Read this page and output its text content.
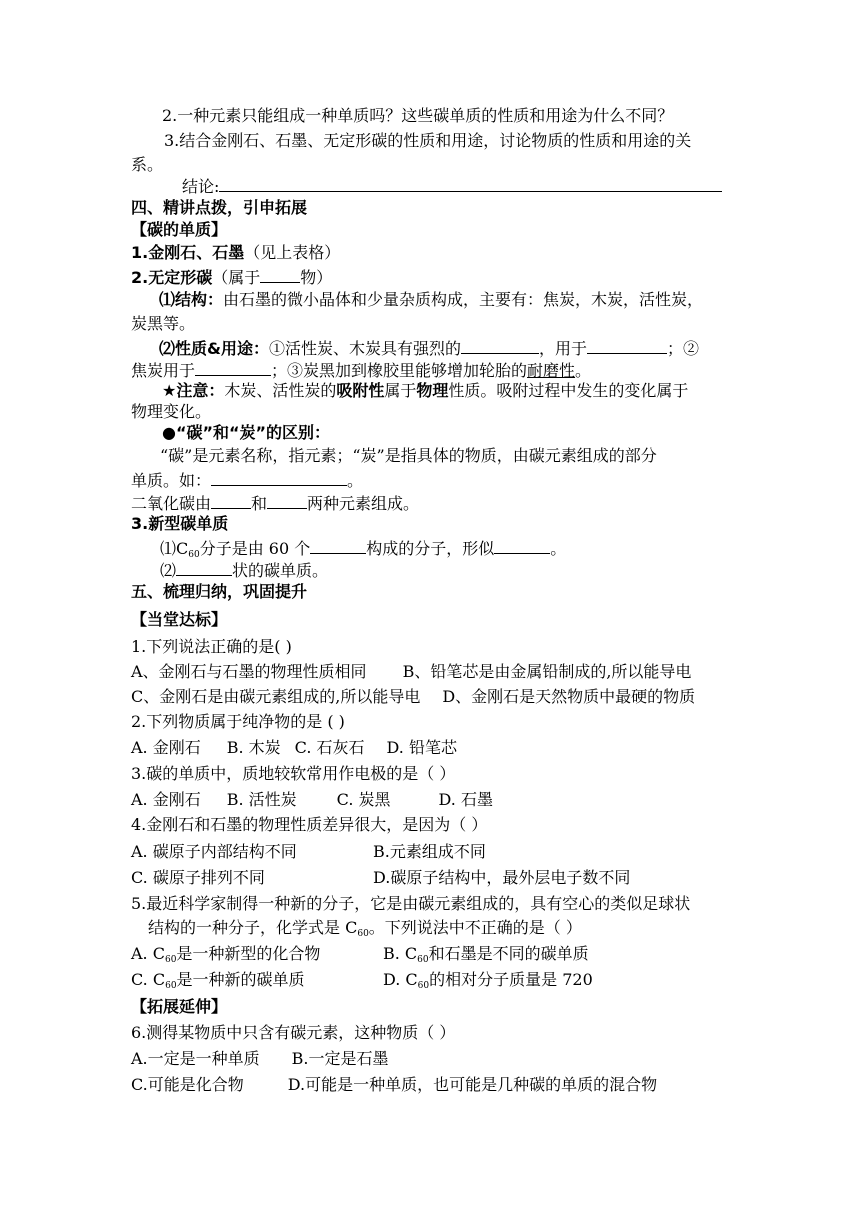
2.一种元素只能组成一种单质吗？这些碳单质的性质和用途为什么不同？
3.结合金刚石、石墨、无定形碳的性质和用途，讨论物质的性质和用途的关
系。
结论:
四、精讲点拨，引申拓展
【碳的单质】
1.金刚石、石墨（见上表格）
2.无定形碳（属于	物）
⑴结构：由石墨的微小晶体和少量杂质构成，主要有：焦炭，木炭，活性炭，
炭黑等。
⑵性质&用途：①活性炭、木炭具有强烈的	，用于	；②
焦炭用于	；③炭黑加到橡胶里能够增加轮胎的耐磨性。
★注意：木炭、活性炭的吸附性属于物理性质。吸附过程中发生的变化属于
物理变化。
●“碳”和“炭”的区别：
“碳”是元素名称，指元素；“炭”是指具体的物质，由碳元素组成的部分
单质。如：	。
二氧化碳由	和	两种元素组成。
3.新型碳单质
$⑴C_{60}$分子是由 60 个	构成的分子，形似	。
⑵	状的碳单质。
五、梳理归纳，巩固提升
【当堂达标】
1.下列说法正确的是( )
A、金刚石与石墨的物理性质相同 B、铅笔芯是由金属铅制成的,所以能导电
C、金刚石是由碳元素组成的,所以能导电 D、金刚石是天然物质中最硬的物质
2.下列物质属于纯净物的是 ( )
A. 金刚石 B. 木炭 C. 石灰石 D. 铅笔芯
3.碳的单质中，质地较软常用作电极的是（ ）
A. 金刚石 B. 活性炭	C. 炭黑	D. 石墨
4.金刚石和石墨的物理性质差异很大，是因为（ ）
A. 碳原子内部结构不同	B.元素组成不同
C. 碳原子排列不同	D.碳原子结构中，最外层电子数不同
5.最近科学家制得一种新的分子，它是由碳元素组成的，具有空心的类似足球状
结构的一种分子，化学式是 $C_{60}$。下列说法中不正确的是（ ）
A. $C_{60}$是一种新型的化合物	B. $C_{60}$和石墨是不同的碳单质
C. $C_{60}$是一种新的碳单质	D. $C_{60}$的相对分子质量是 720
【拓展延伸】
6.测得某物质中只含有碳元素，这种物质（ ）
A.一定是一种单质 B.一定是石墨
C.可能是化合物	D.可能是一种单质，也可能是几种碳的单质的混合物
